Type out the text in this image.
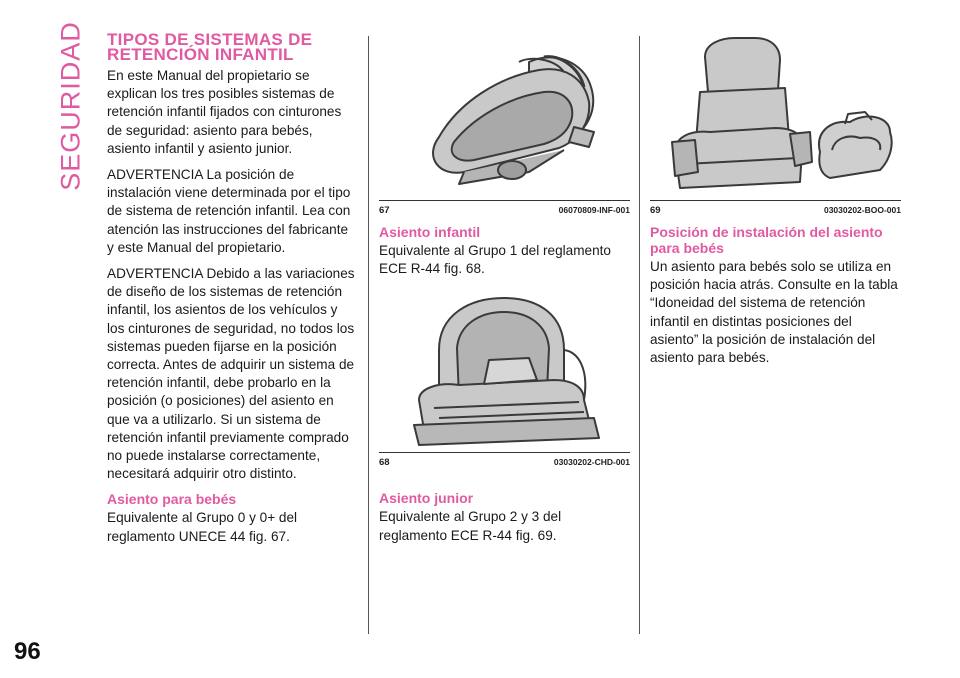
SEGURIDAD
96
TIPOS DE SISTEMAS DE RETENCIÓN INFANTIL

En este Manual del propietario se explican los tres posibles sistemas de retención infantil fijados con cinturones de seguridad: asiento para bebés, asiento infantil y asiento junior.

ADVERTENCIA La posición de instalación viene determinada por el tipo de sistema de retención infantil. Lea con atención las instrucciones del fabricante y este Manual del propietario.

ADVERTENCIA Debido a las variaciones de diseño de los sistemas de retención infantil, los asientos de los vehículos y los cinturones de seguridad, no todos los sistemas pueden fijarse en la posición correcta. Antes de adquirir un sistema de retención infantil, debe probarlo en la posición (o posiciones) del asiento en que va a utilizarlo. Si un sistema de retención infantil previamente comprado no puede instalarse correctamente, necesitará adquirir otro distinto.

Asiento para bebés

Equivalente al Grupo 0 y 0+ del reglamento UNECE 44 fig. 67.

67	06070809-INF-001
Asiento infantil

Equivalente al Grupo 1 del reglamento ECE R-44 fig. 68.

68	03030202-CHD-001
Asiento junior

Equivalente al Grupo 2 y 3 del reglamento ECE R-44 fig. 69.

69	03030202-BOO-001
Posición de instalación del asiento para bebés

Un asiento para bebés solo se utiliza en posición hacia atrás. Consulte en la tabla “Idoneidad del sistema de retención infantil en distintas posiciones del asiento” la posición de instalación del asiento para bebés.
